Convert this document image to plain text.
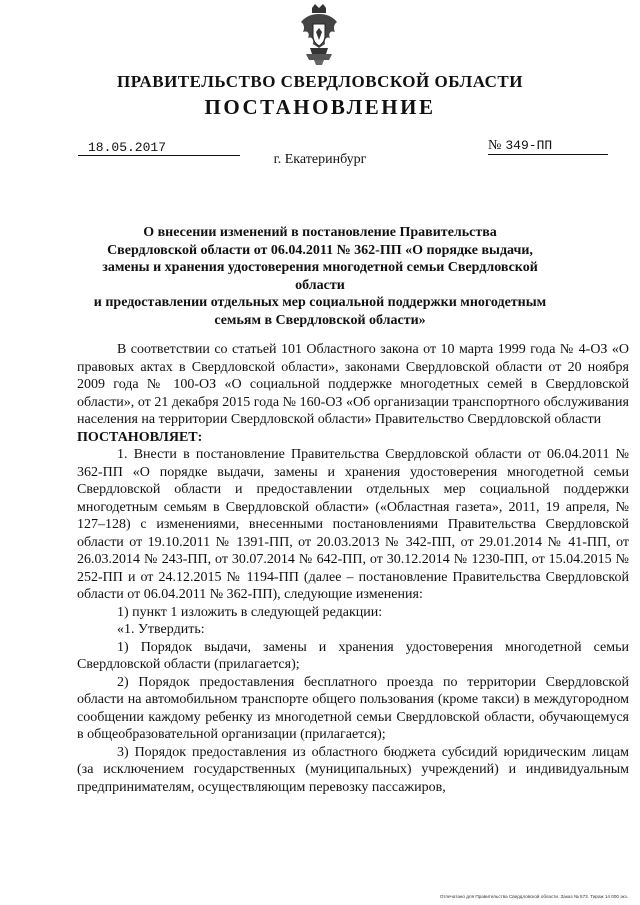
ПРАВИТЕЛЬСТВО СВЕРДЛОВСКОЙ ОБЛАСТИ
ПОСТАНОВЛЕНИЕ
18.05.2017	№ 349-ПП
г. Екатеринбург
О внесении изменений в постановление Правительства
Свердловской области от 06.04.2011 № 362-ПП «О порядке выдачи,
замены и хранения удостоверения многодетной семьи Свердловской области
и предоставлении отдельных мер социальной поддержки многодетным
семьям в Свердловской области»

В соответствии со статьей 101 Областного закона от 10 марта 1999 года № 4-ОЗ «О правовых актах в Свердловской области», законами Свердловской области от 20 ноября 2009 года № 100-ОЗ «О социальной поддержке многодетных семей в Свердловской области», от 21 декабря 2015 года № 160-ОЗ «Об организации транспортного обслуживания населения на территории Свердловской области» Правительство Свердловской области

ПОСТАНОВЛЯЕТ:

1. Внести в постановление Правительства Свердловской области от 06.04.2011 № 362-ПП «О порядке выдачи, замены и хранения удостоверения многодетной семьи Свердловской области и предоставлении отдельных мер социальной поддержки многодетным семьям в Свердловской области» («Областная газета», 2011, 19 апреля, № 127–128) с изменениями, внесенными постановлениями Правительства Свердловской области от 19.10.2011 № 1391-ПП, от 20.03.2013 № 342-ПП, от 29.01.2014 № 41-ПП, от 26.03.2014 № 243-ПП, от 30.07.2014 № 642-ПП, от 30.12.2014 № 1230-ПП, от 15.04.2015 № 252-ПП и от 24.12.2015 № 1194-ПП (далее – постановление Правительства Свердловской области от 06.04.2011 № 362-ПП), следующие изменения:

1) пункт 1 изложить в следующей редакции:

«1. Утвердить:

1) Порядок выдачи, замены и хранения удостоверения многодетной семьи Свердловской области (прилагается);

2) Порядок предоставления бесплатного проезда по территории Свердловской области на автомобильном транспорте общего пользования (кроме такси) в междугородном сообщении каждому ребенку из многодетной семьи Свердловской области, обучающемуся в общеобразовательной организации (прилагается);

3) Порядок предоставления из областного бюджета субсидий юридическим лицам (за исключением государственных (муниципальных) учреждений) и индивидуальным предпринимателям, осуществляющим перевозку пассажиров,

Отпечатано для Правительства Свердловской области. Заказ № 573. Тираж 14 000 экз.
